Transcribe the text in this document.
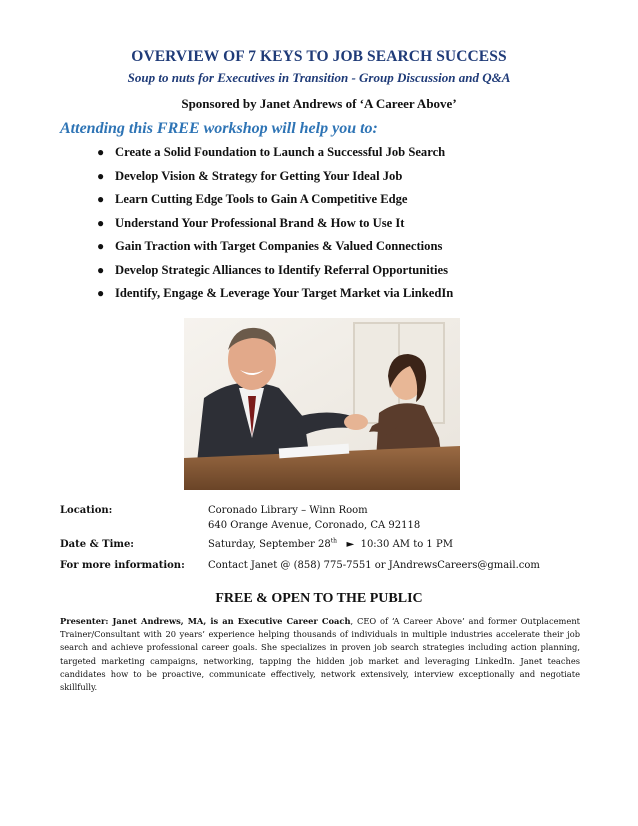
OVERVIEW OF 7 KEYS TO JOB SEARCH SUCCESS
Soup to nuts for Executives in Transition - Group Discussion and Q&A
Sponsored by Janet Andrews of ‘A Career Above’
Attending this FREE workshop will help you to:
● Create a Solid Foundation to Launch a Successful Job Search
● Develop Vision & Strategy for Getting Your Ideal Job
● Learn Cutting Edge Tools to Gain A Competitive Edge
● Understand Your Professional Brand & How to Use It
● Gain Traction with Target Companies & Valued Connections
● Develop Strategic Alliances to Identify Referral Opportunities
● Identify, Engage & Leverage Your Target Market via LinkedIn
Location:	Coronado Library – Winn Room
640 Orange Avenue, Coronado, CA 92118
Date & Time:	Saturday, September 28th ► 10:30 AM to 1 PM
For more information: Contact Janet @ (858) 775-7551 or JAndrewsCareers@gmail.com
FREE & OPEN TO THE PUBLIC
Presenter: Janet Andrews, MA, is an Executive Career Coach, CEO of ‘A Career Above’ and former Outplacement Trainer/Consultant with 20 years’ experience helping thousands of individuals in multiple industries accelerate their job search and achieve professional career goals. She specializes in proven job search strategies including action planning, targeted marketing campaigns, networking, tapping the hidden job market and leveraging LinkedIn. Janet teaches candidates how to be proactive, communicate effectively, network extensively, interview exceptionally and negotiate skillfully.
